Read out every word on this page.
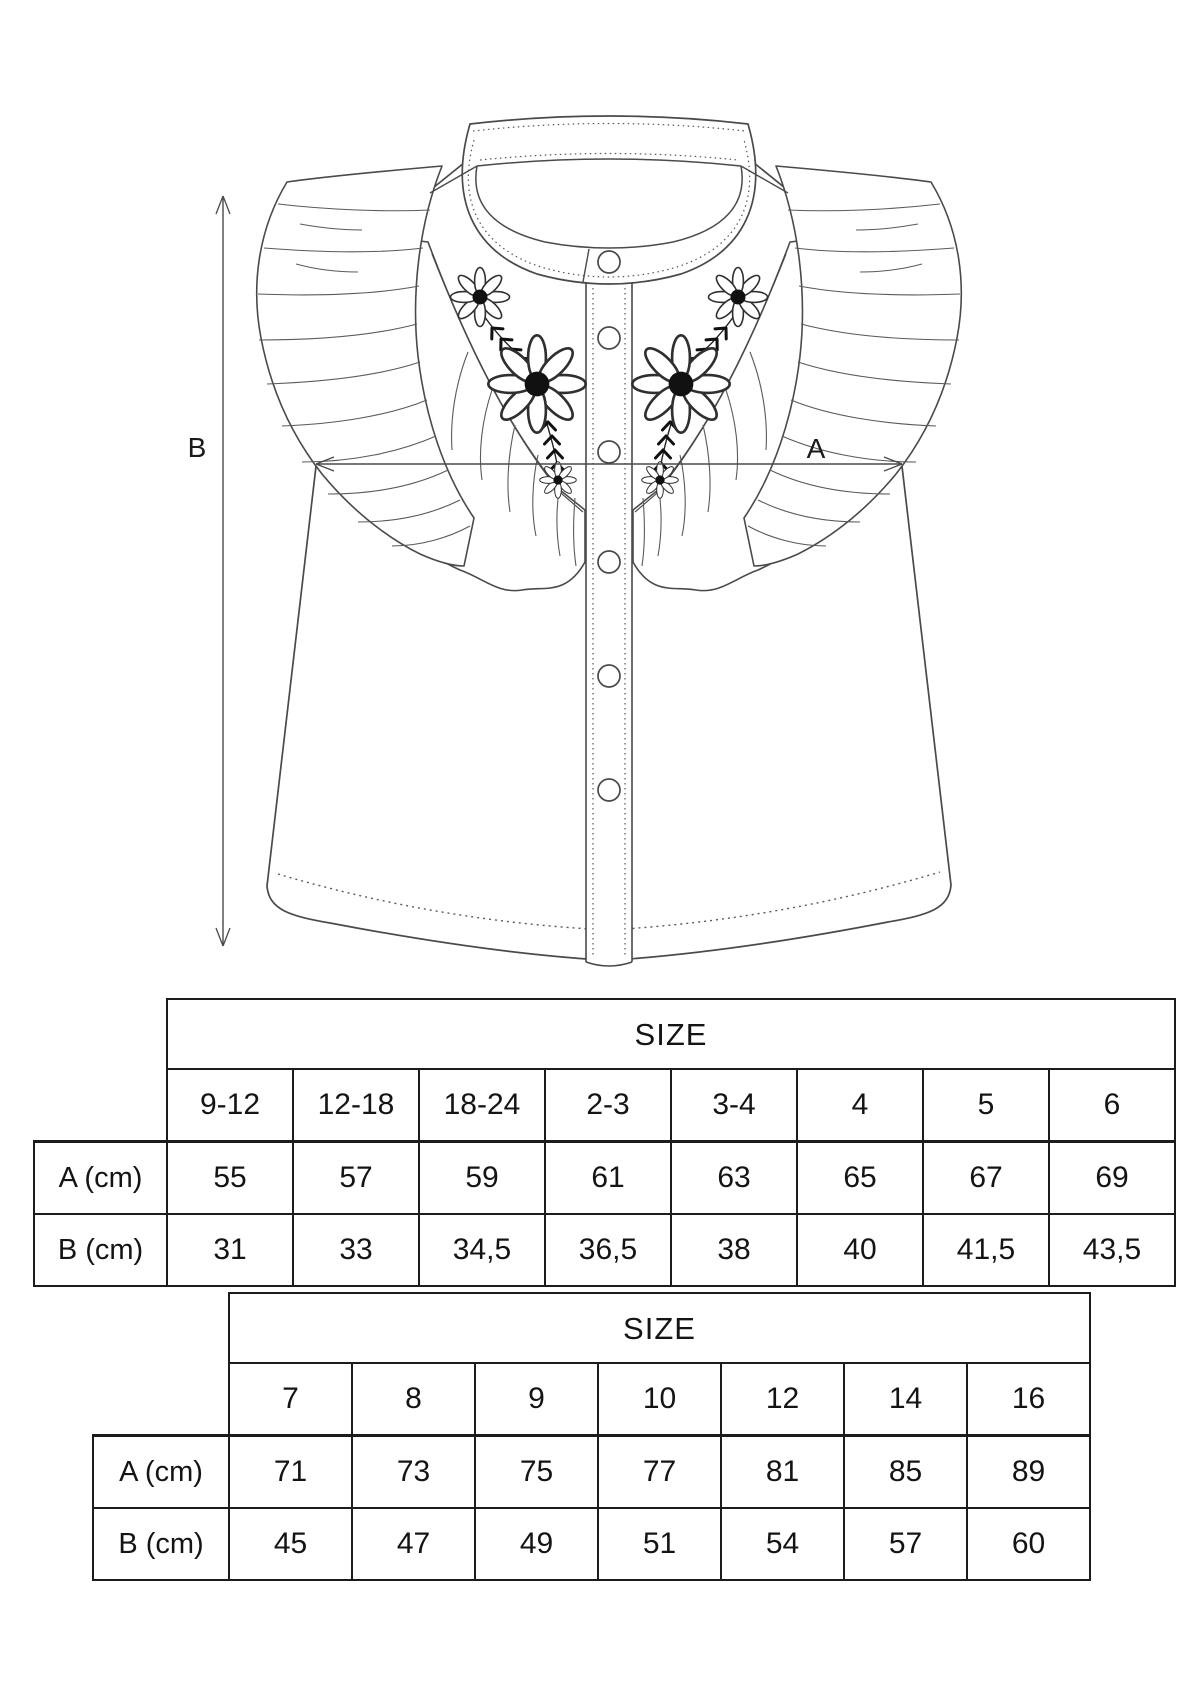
A
B
	SIZE							
	9-12	12-18	18-24	2-3	3-4	4	5	6
A (cm)	55	57	59	61	63	65	67	69
B (cm)	31	33	34,5	36,5	38	40	41,5	43,5
	SIZE						
	7	8	9	10	12	14	16
A (cm)	71	73	75	77	81	85	89
B (cm)	45	47	49	51	54	57	60
